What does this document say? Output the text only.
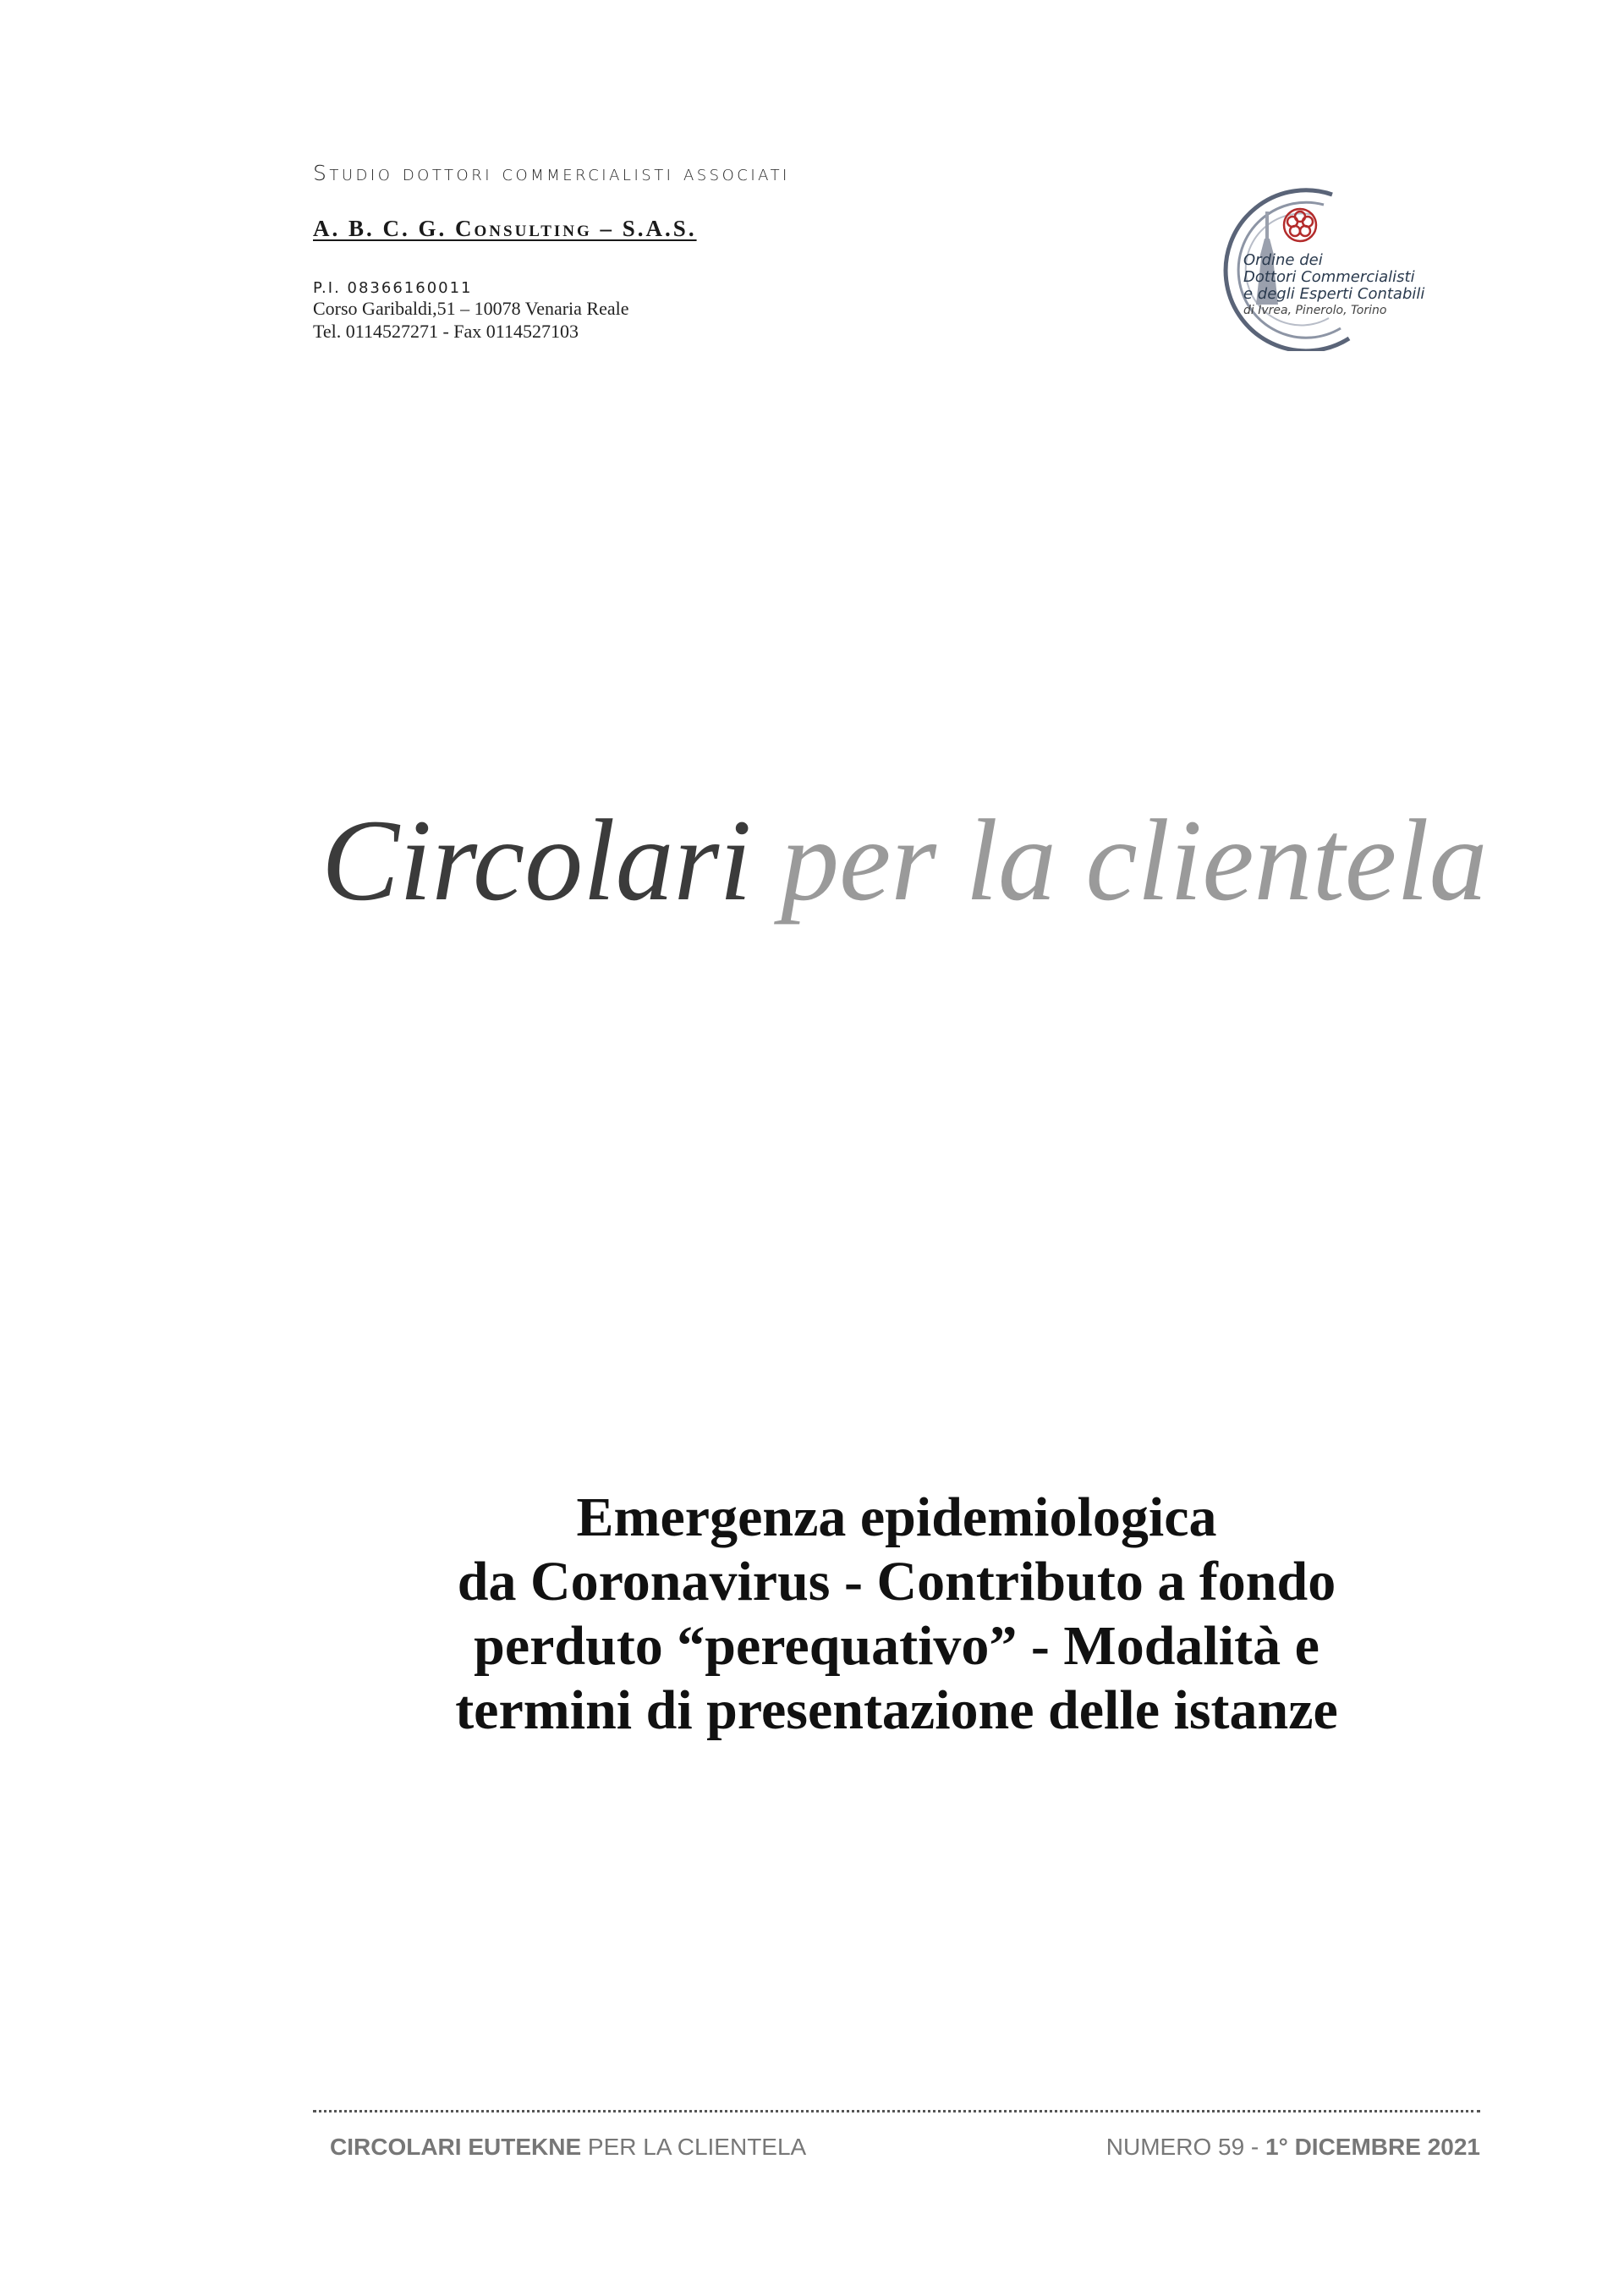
Studio dottori commercialisti associati
A. B. C. G. Consulting – S.A.S.
P.I. 08366160011
Corso Garibaldi,51 – 10078 Venaria Reale
Tel. 0114527271 - Fax 0114527103
Ordine dei
Dottori Commercialisti
e degli Esperti Contabili
di Ivrea, Pinerolo, Torino
Circolari per la clientela
Emergenza epidemiologica
da Coronavirus - Contributo a fondo
perduto “perequativo” - Modalità e
termini di presentazione delle istanze
CIRCOLARI EUTEKNE PER LA CLIENTELA	NUMERO 59 - 1° DICEMBRE 2021
